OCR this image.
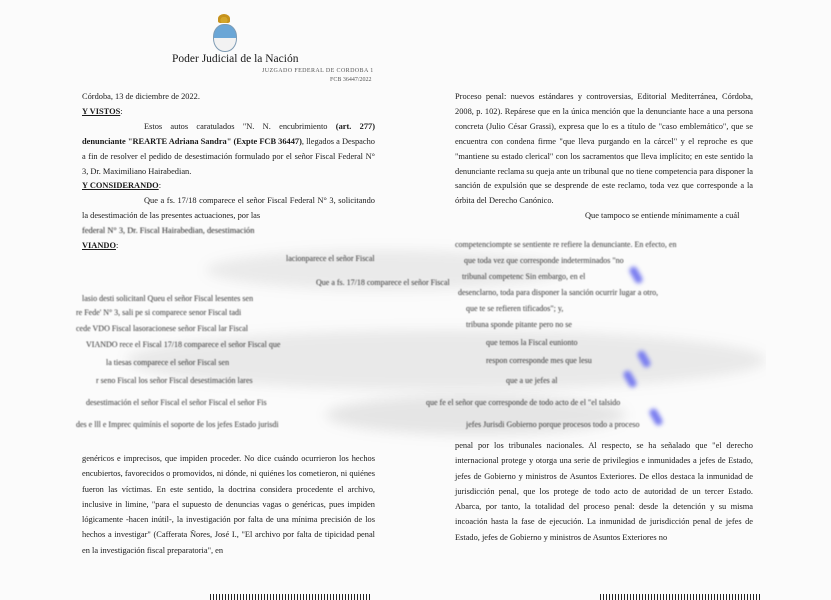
Poder Judicial de la Nación
JUZGADO FEDERAL DE CORDOBA 1
FCB 36447/2022

Córdoba, 13 de diciembre de 2022.

Y VISTOS:

Estos autos caratulados "N. N. encubrimiento (art. 277) denunciante "REARTE Adriana Sandra" (Expte FCB 36447), llegados a Despacho a fin de resolver el pedido de desestimación formulado por el señor Fiscal Federal N° 3, Dr. Maximiliano Hairabedian.

Y CONSIDERANDO:

Que a fs. 17/18 comparece el señor Fiscal Federal N° 3, solicitando la desestimación de las presentes actuaciones, por las

federal N° 3, Dr. Fiscal Hairabedian, desestimación

VIANDO:

Proceso penal: nuevos estándares y controversias, Editorial Mediterránea, Córdoba, 2008, p. 102). Repárese que en la única mención que la denunciante hace a una persona concreta (Julio César Grassi), expresa que lo es a título de "caso emblemático", que se encuentra con condena firme "que lleva purgando en la cárcel" y el reproche es que "mantiene su estado clerical" con los sacramentos que lleva implícito; en este sentido la denunciante reclama su queja ante un tribunal que no tiene competencia para disponer la sanción de expulsión que se desprende de este reclamo, toda vez que corresponde a la órbita del Derecho Canónico.

Que tampoco se entiende mínimamente a cuál

lacionparece el señor Fiscal
Que a fs. 17/18 comparece el señor Fiscal
lasio desti solicitanl Queu el señor Fiscal lesentes sen
re Fede' N° 3, sali pe si comparece senor Fiscal tadi
cede VDO Fiscal lasoracionese señor Fiscal lar Fiscal
VIANDO rece el Fiscal 17/18 comparece el señor Fiscal que
la tiesas comparece el señor Fiscal sen
r seno Fiscal los señor Fiscal desestimación lares
desestimación el señor Fiscal el señor Fiscal el señor Fis
des e lll e Imprec quimínis el soporte de los jefes Estado jurisdi
competenciompte se sentiente re refiere la denunciante. En efecto, en
que toda vez que corresponde indeterminados "no
tribunal competenc Sin embargo, en el
desenclarno, toda para disponer la sanción ocurrir lugar a otro,
que te se refieren tificados"; y,
tribuna sponde pitante pero no se
que temos la Fiscal eunionto
respon corresponde mes que lesu
que a ue jefes al
que fe el señor que corresponde de todo acto de el "el talsido
jefes Jurisdi Gobierno porque procesos todo a proceso

genéricos e imprecisos, que impiden proceder. No dice cuándo ocurrieron los hechos encubiertos, favorecidos o promovidos, ni dónde, ni quiénes los cometieron, ni quiénes fueron las víctimas. En este sentido, la doctrina considera procedente el archivo, inclusive in limine, "para el supuesto de denuncias vagas o genéricas, pues impiden lógicamente -hacen inútil-, la investigación por falta de una mínima precisión de los hechos a investigar" (Cafferata Ñores, José I., "El archivo por falta de tipicidad penal en la investigación fiscal preparatoria", en

penal por los tribunales nacionales. Al respecto, se ha señalado que "el derecho internacional protege y otorga una serie de privilegios e inmunidades a jefes de Estado, jefes de Gobierno y ministros de Asuntos Exteriores. De ellos destaca la inmunidad de jurisdicción penal, que los protege de todo acto de autoridad de un tercer Estado. Abarca, por tanto, la totalidad del proceso penal: desde la detención y su misma incoación hasta la fase de ejecución. La inmunidad de jurisdicción penal de jefes de Estado, jefes de Gobierno y ministros de Asuntos Exteriores no
